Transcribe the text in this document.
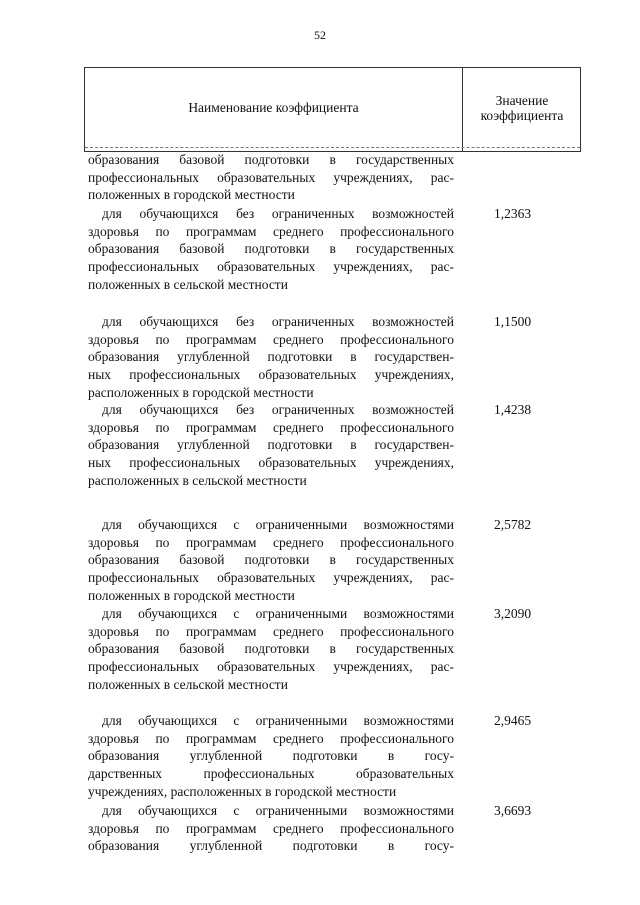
52
Наименование коэффициента	Значение
коэффициента
образования базовой подготовки в государственных
профессиональных образовательных учреждениях, рас-
положенных в городской местности
для обучающихся без ограниченных возможностей
здоровья по программам среднего профессионального
образования базовой подготовки в государственных
профессиональных образовательных учреждениях, рас-
положенных в сельской местности
1,2363
для обучающихся без ограниченных возможностей
здоровья по программам среднего профессионального
образования углубленной подготовки в государствен-
ных профессиональных образовательных учреждениях,
расположенных в городской местности
1,1500
для обучающихся без ограниченных возможностей
здоровья по программам среднего профессионального
образования углубленной подготовки в государствен-
ных профессиональных образовательных учреждениях,
расположенных в сельской местности
1,4238
для обучающихся с ограниченными возможностями
здоровья по программам среднего профессионального
образования базовой подготовки в государственных
профессиональных образовательных учреждениях, рас-
положенных в городской местности
2,5782
для обучающихся с ограниченными возможностями
здоровья по программам среднего профессионального
образования базовой подготовки в государственных
профессиональных образовательных учреждениях, рас-
положенных в сельской местности
3,2090
для обучающихся с ограниченными возможностями
здоровья по программам среднего профессионального
образования углубленной подготовки в госу-
дарственных профессиональных образовательных
учреждениях, расположенных в городской местности
2,9465
для обучающихся с ограниченными возможностями
здоровья по программам среднего профессионального
образования углубленной подготовки в госу-
3,6693
